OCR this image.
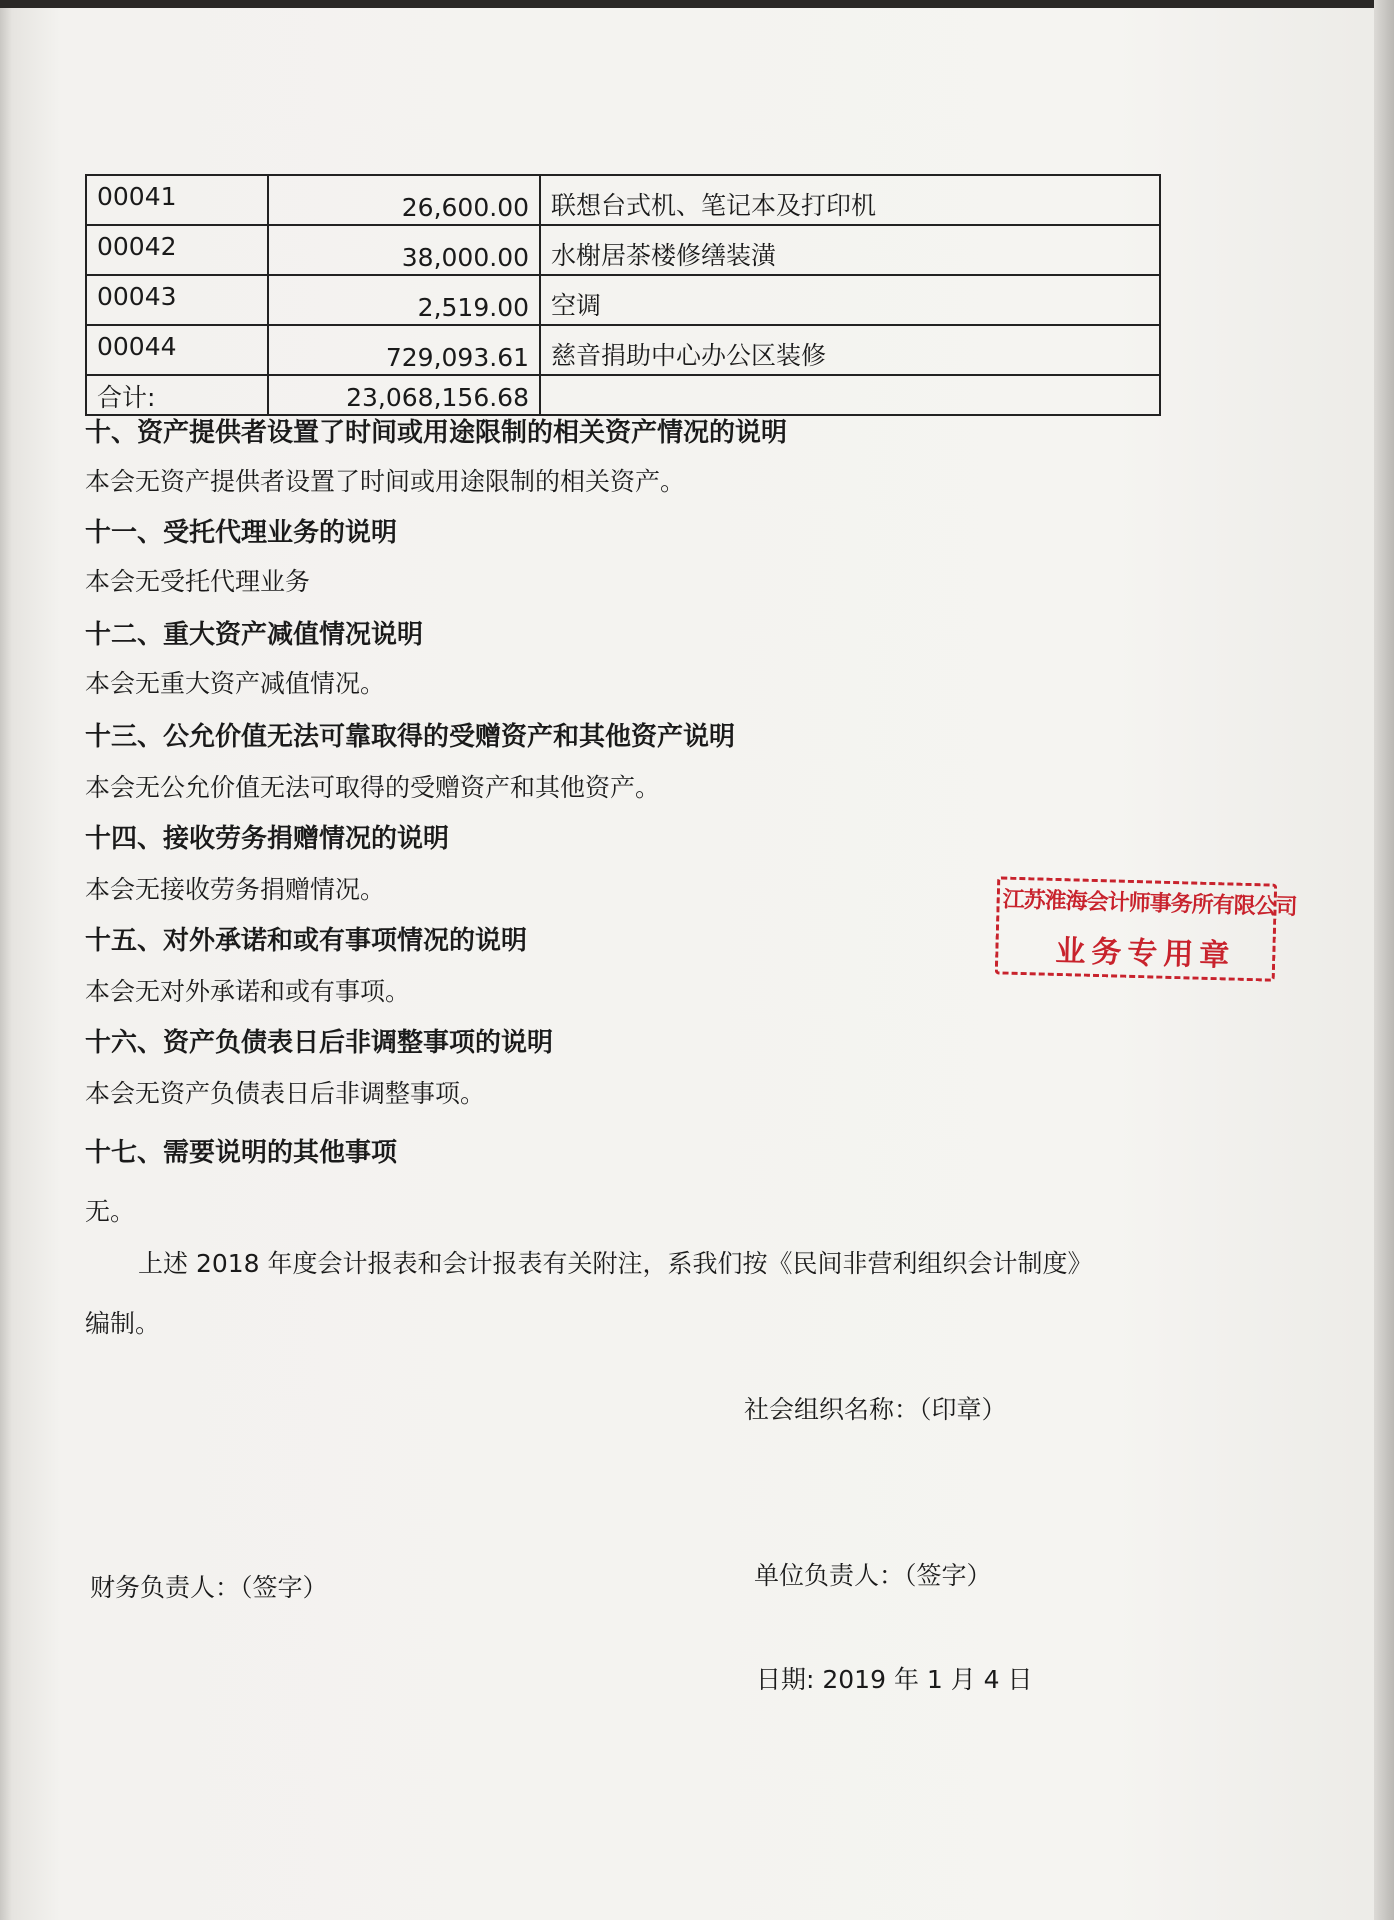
00041	26,600.00	联想台式机、笔记本及打印机
00042	38,000.00	水榭居茶楼修缮装潢
00043	2,519.00	空调
00044	729,093.61	慈音捐助中心办公区装修
合计:	23,068,156.68	
十、资产提供者设置了时间或用途限制的相关资产情况的说明
本会无资产提供者设置了时间或用途限制的相关资产。
十一、受托代理业务的说明
本会无受托代理业务
十二、重大资产减值情况说明
本会无重大资产减值情况。
十三、公允价值无法可靠取得的受赠资产和其他资产说明
本会无公允价值无法可取得的受赠资产和其他资产。
十四、接收劳务捐赠情况的说明
本会无接收劳务捐赠情况。
十五、对外承诺和或有事项情况的说明
本会无对外承诺和或有事项。
十六、资产负债表日后非调整事项的说明
本会无资产负债表日后非调整事项。
十七、需要说明的其他事项
无。
上述 2018 年度会计报表和会计报表有关附注，系我们按《民间非营利组织会计制度》
编制。
社会组织名称：（印章）
财务负责人：（签字）	单位负责人：（签字）
日期: 2019 年 1 月 4 日
江苏淮海会计师事务所有限公司
业务专用章
